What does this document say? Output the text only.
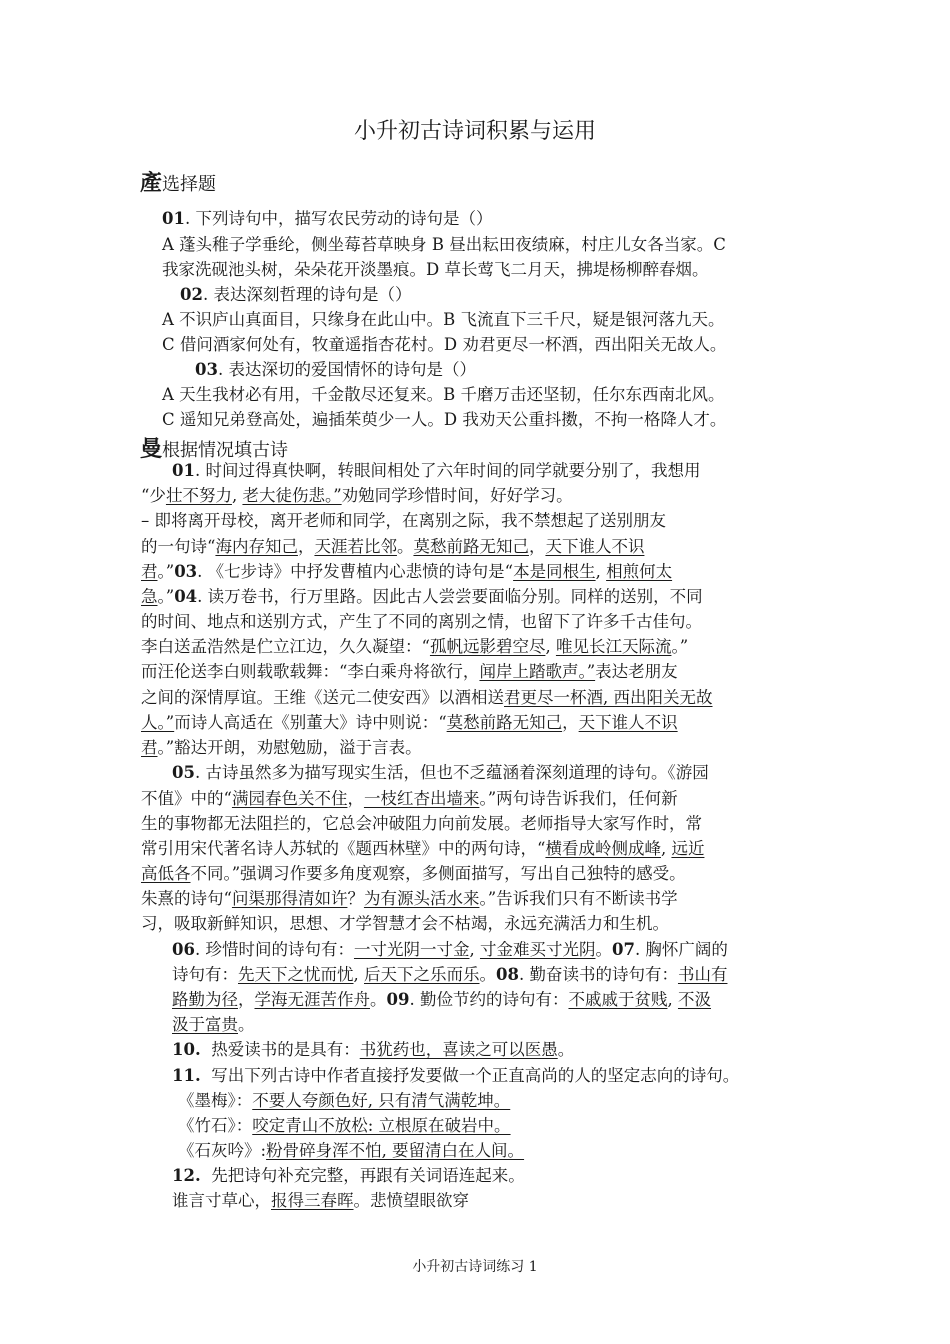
小升初古诗词积累与运用
產选择题
01. 下列诗句中，描写农民劳动的诗句是（）
A 蓬头稚子学垂纶，侧坐莓苔草映身 B 昼出耘田夜绩麻，村庄儿女各当家。C
我家洗砚池头树，朵朵花开淡墨痕。D 草长莺飞二月天，拂堤杨柳醉春烟。
02. 表达深刻哲理的诗句是（）
A 不识庐山真面目，只缘身在此山中。B 飞流直下三千尺，疑是银河落九天。
C 借问酒家何处有，牧童遥指杏花村。D 劝君更尽一杯酒，西出阳关无故人。
03. 表达深切的爱国情怀的诗句是（）
A 天生我材必有用，千金散尽还复来。B 千磨万击还坚韧，任尔东西南北风。
C 遥知兄弟登高处，遍插茱萸少一人。D 我劝天公重抖擞，不拘一格降人才。
曼根据情况填古诗
01. 时间过得真快啊，转眼间相处了六年时间的同学就要分别了，我想用
“少壮不努力, 老大徒伤悲。”劝勉同学珍惜时间，好好学习。
– 即将离开母校，离开老师和同学，在离别之际，我不禁想起了送别朋友
的一句诗“海内存知己，天涯若比邻。莫愁前路无知己，天下谁人不识
君。”03. 《七步诗》中抒发曹植内心悲愤的诗句是“本是同根生, 相煎何太
急。”04. 读万卷书，行万里路。因此古人尝尝要面临分别。同样的送别，不同
的时间、地点和送别方式，产生了不同的离别之情，也留下了许多千古佳句。
李白送孟浩然是伫立江边，久久凝望：“孤帆远影碧空尽, 唯见长江天际流。”
而汪伦送李白则载歌载舞：“李白乘舟将欲行，闻岸上踏歌声。”表达老朋友
之间的深情厚谊。王维《送元二使安西》以酒相送君更尽一杯酒, 西出阳关无故
人。”而诗人高适在《别董大》诗中则说：“莫愁前路无知己，天下谁人不识
君。”豁达开朗，劝慰勉励，溢于言表。
05. 古诗虽然多为描写现实生活，但也不乏蕴涵着深刻道理的诗句。《游园
不值》中的“满园春色关不住，一枝红杏出墙来。”两句诗告诉我们，任何新
生的事物都无法阻拦的，它总会冲破阻力向前发展。老师指导大家写作时，常
常引用宋代著名诗人苏轼的《题西林壁》中的两句诗，“横看成岭侧成峰, 远近
高低各不同。”强调习作要多角度观察，多侧面描写，写出自己独特的感受。
朱熹的诗句“问渠那得清如许？为有源头活水来。”告诉我们只有不断读书学
习，吸取新鲜知识，思想、才学智慧才会不枯竭，永远充满活力和生机。
06. 珍惜时间的诗句有：一寸光阴一寸金, 寸金难买寸光阴。07. 胸怀广阔的
诗句有：先天下之忧而忧, 后天下之乐而乐。08. 勤奋读书的诗句有：书山有
路勤为径，学海无涯苦作舟。09. 勤俭节约的诗句有：不戚戚于贫贱, 不汲
汲于富贵。
10. 热爱读书的是具有：书犹药也，喜读之可以医愚。
11. 写出下列古诗中作者直接抒发要做一个正直高尚的人的坚定志向的诗句。
《墨梅》：不要人夸颜色好, 只有清气满乾坤。
《竹石》：咬定青山不放松: 立根原在破岩中。
《石灰吟》:粉骨碎身浑不怕, 要留清白在人间。
12. 先把诗句补充完整，再跟有关词语连起来。
谁言寸草心，报得三春晖。悲愤望眼欲穿
小升初古诗词练习 1
